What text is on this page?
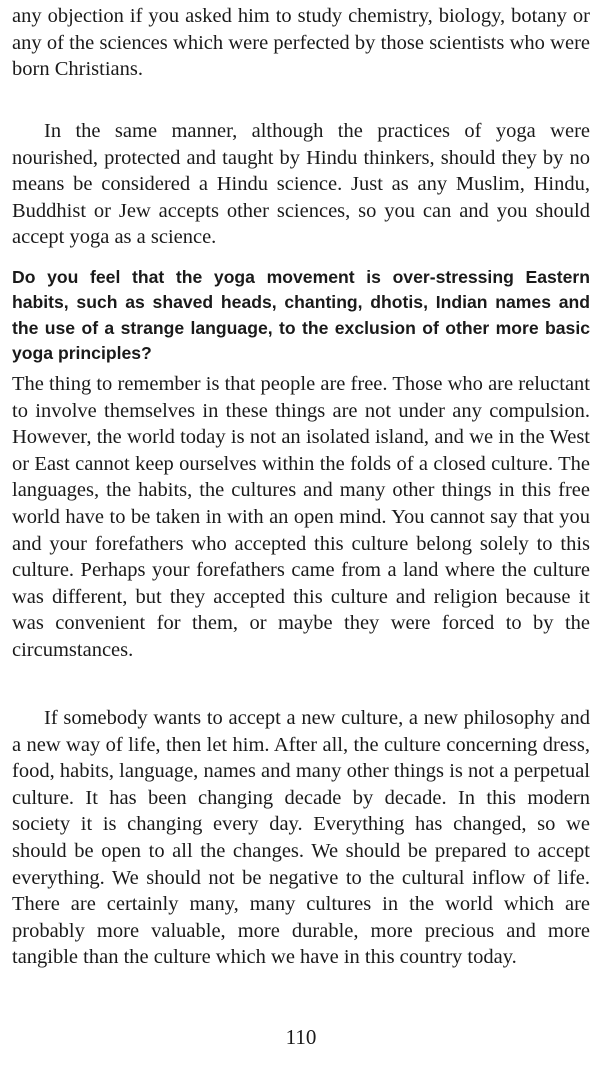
any objection if you asked him to study chemistry, biology, botany or any of the sciences which were perfected by those scientists who were born Christians.

In the same manner, although the practices of yoga were nourished, protected and taught by Hindu thinkers, should they by no means be considered a Hindu science. Just as any Muslim, Hindu, Buddhist or Jew accepts other sciences, so you can and you should accept yoga as a science.

Do you feel that the yoga movement is over-stressing Eastern habits, such as shaved heads, chanting, dhotis, Indian names and the use of a strange language, to the exclusion of other more basic yoga principles?

The thing to remember is that people are free. Those who are reluctant to involve themselves in these things are not under any compulsion. However, the world today is not an isolated island, and we in the West or East cannot keep ourselves within the folds of a closed culture. The languages, the habits, the cultures and many other things in this free world have to be taken in with an open mind. You cannot say that you and your forefathers who accepted this culture belong solely to this culture. Perhaps your forefathers came from a land where the culture was different, but they accepted this culture and religion because it was convenient for them, or maybe they were forced to by the circumstances.

If somebody wants to accept a new culture, a new philosophy and a new way of life, then let him. After all, the culture concerning dress, food, habits, language, names and many other things is not a perpetual culture. It has been changing decade by decade. In this modern society it is changing every day. Everything has changed, so we should be open to all the changes. We should be prepared to accept everything. We should not be negative to the cultural inflow of life. There are certainly many, many cultures in the world which are probably more valuable, more durable, more precious and more tangible than the culture which we have in this country today.

110
